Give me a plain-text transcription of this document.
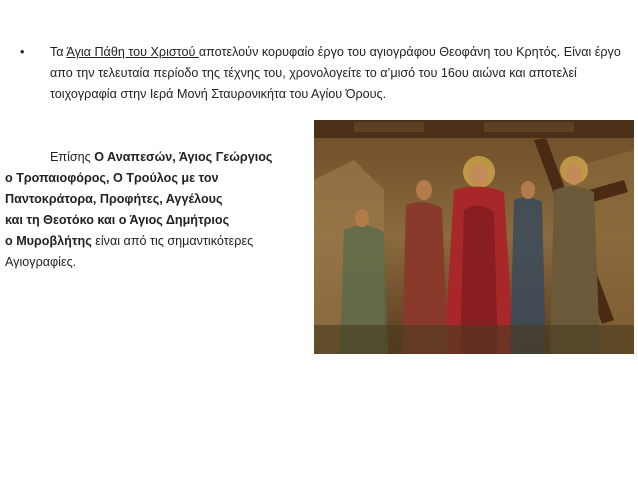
•	Τα Άγια Πάθη του Χριστού αποτελούν κορυφαίο έργο του αγιογράφου Θεοφάνη του Κρητός. Είναι έργο απο την τελευταία περίοδο της τέχνης του, χρονολογείτε το α’μισό του 16ου αιώνα και αποτελεί τοιχογραφία στην Ιερά Μονή Σταυρονικήτα του Αγίου Όρους.
Επίσης Ο Αναπεσών, Άγιος Γεώργιος
ο Τροπαιοφόρος, Ο Τρούλος με τον
Παντοκράτορα, Προφήτες, Αγγέλους
και τη Θεοτόκο και ο Άγιος Δημήτριος
ο Μυροβλήτης είναι από τις σημαντικότερες
Αγιογραφίες.
